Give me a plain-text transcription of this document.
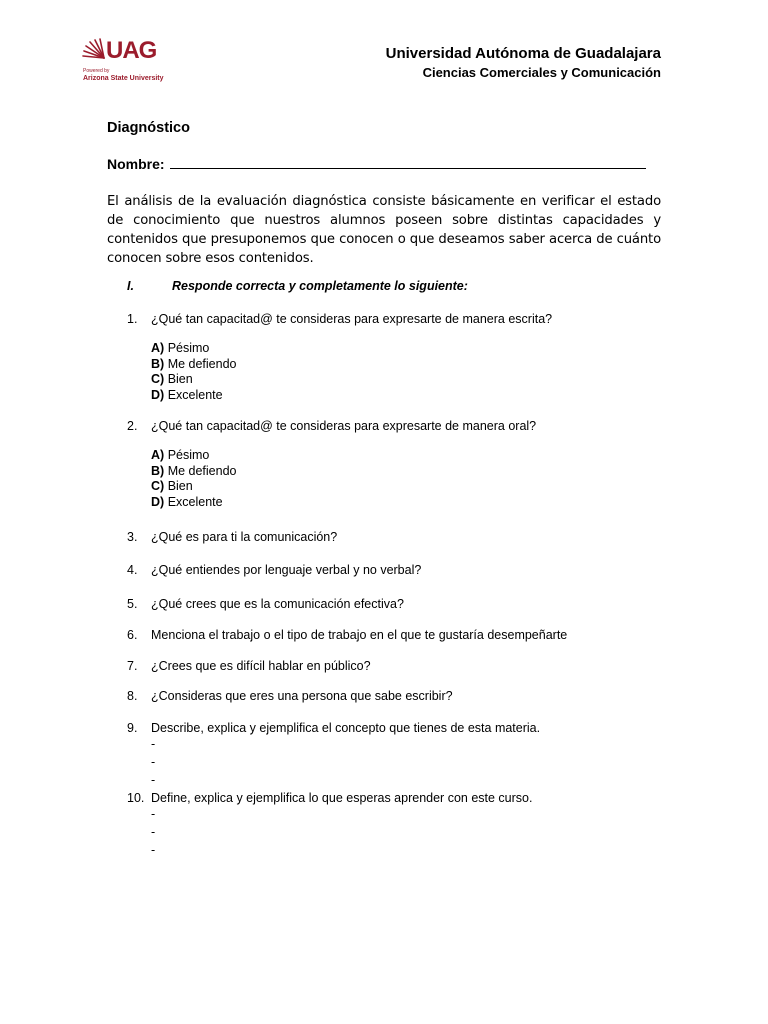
UAG
Powered by
Arizona State University
Universidad Autónoma de Guadalajara
Ciencias Comerciales y Comunicación
Diagnóstico
Nombre:
El análisis de la evaluación diagnóstica consiste básicamente en verificar el estado de conocimiento que nuestros alumnos poseen sobre distintas capacidades y contenidos que presuponemos que conocen o que deseamos saber acerca de cuánto conocen sobre esos contenidos.
I.	Responde correcta y completamente lo siguiente:
1. ¿Qué tan capacitad@ te consideras para expresarte de manera escrita?
A) Pésimo
B) Me defiendo
C) Bien
D) Excelente
2. ¿Qué tan capacitad@ te consideras para expresarte de manera oral?
A) Pésimo
B) Me defiendo
C) Bien
D) Excelente
3. ¿Qué es para ti la comunicación?
4. ¿Qué entiendes por lenguaje verbal y no verbal?
5. ¿Qué crees que es la comunicación efectiva?
6. Menciona el trabajo o el tipo de trabajo en el que te gustaría desempeñarte
7. ¿Crees que es difícil hablar en público?
8. ¿Consideras que eres una persona que sabe escribir?
9. Describe, explica y ejemplifica el concepto que tienes de esta materia.
-
-
-
10. Define, explica y ejemplifica lo que esperas aprender con este curso.
-
-
-
